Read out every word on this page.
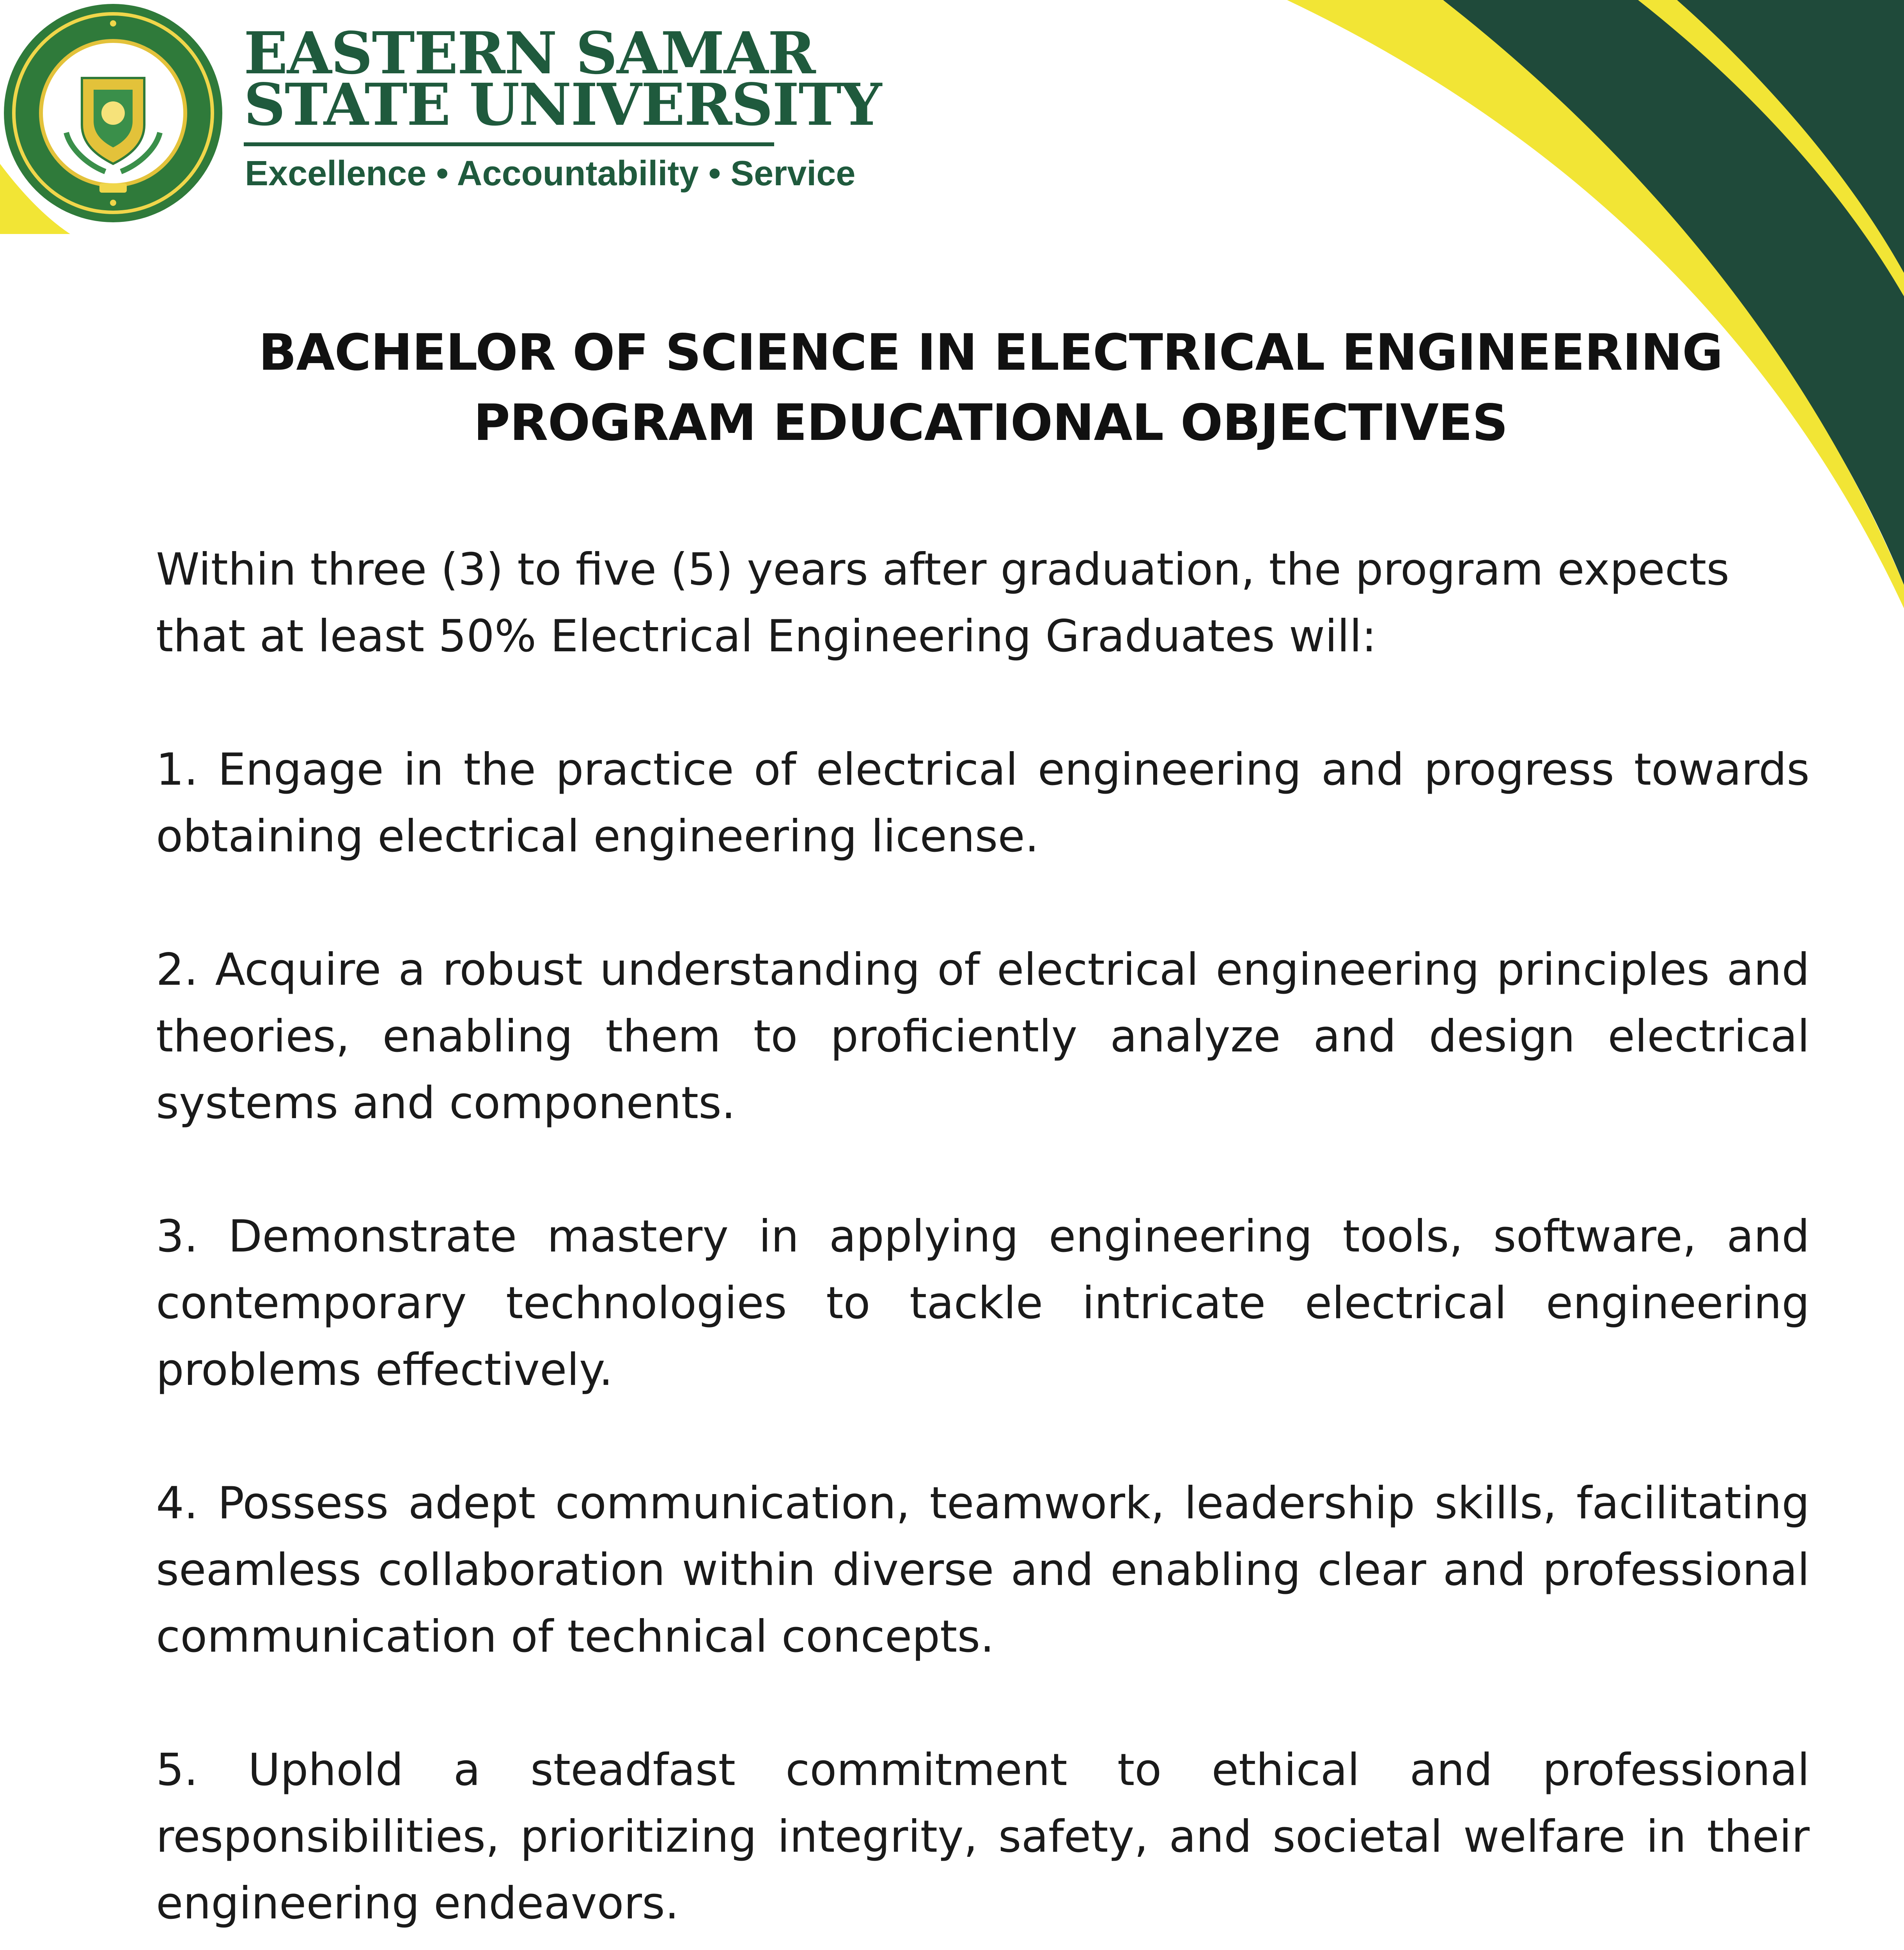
EASTERN SAMAR
STATE UNIVERSITY
Excellence • Accountability • Service
BACHELOR OF SCIENCE IN ELECTRICAL ENGINEERING
PROGRAM EDUCATIONAL OBJECTIVES

Within three (3) to five (5) years after graduation, the program expects that at least 50% Electrical Engineering Graduates will:

1. Engage in the practice of electrical engineering and progress towards obtaining electrical engineering license.

2. Acquire a robust understanding of electrical engineering principles and theories, enabling them to proficiently analyze and design electrical systems and components.

3. Demonstrate mastery in applying engineering tools, software, and contemporary technologies to tackle intricate electrical engineering problems effectively.

4. Possess adept communication, teamwork, leadership skills, facilitating seamless collaboration within diverse and enabling clear and professional communication of technical concepts.

5. Uphold a steadfast commitment to ethical and professional responsibilities, prioritizing integrity, safety, and societal welfare in their engineering endeavors.
